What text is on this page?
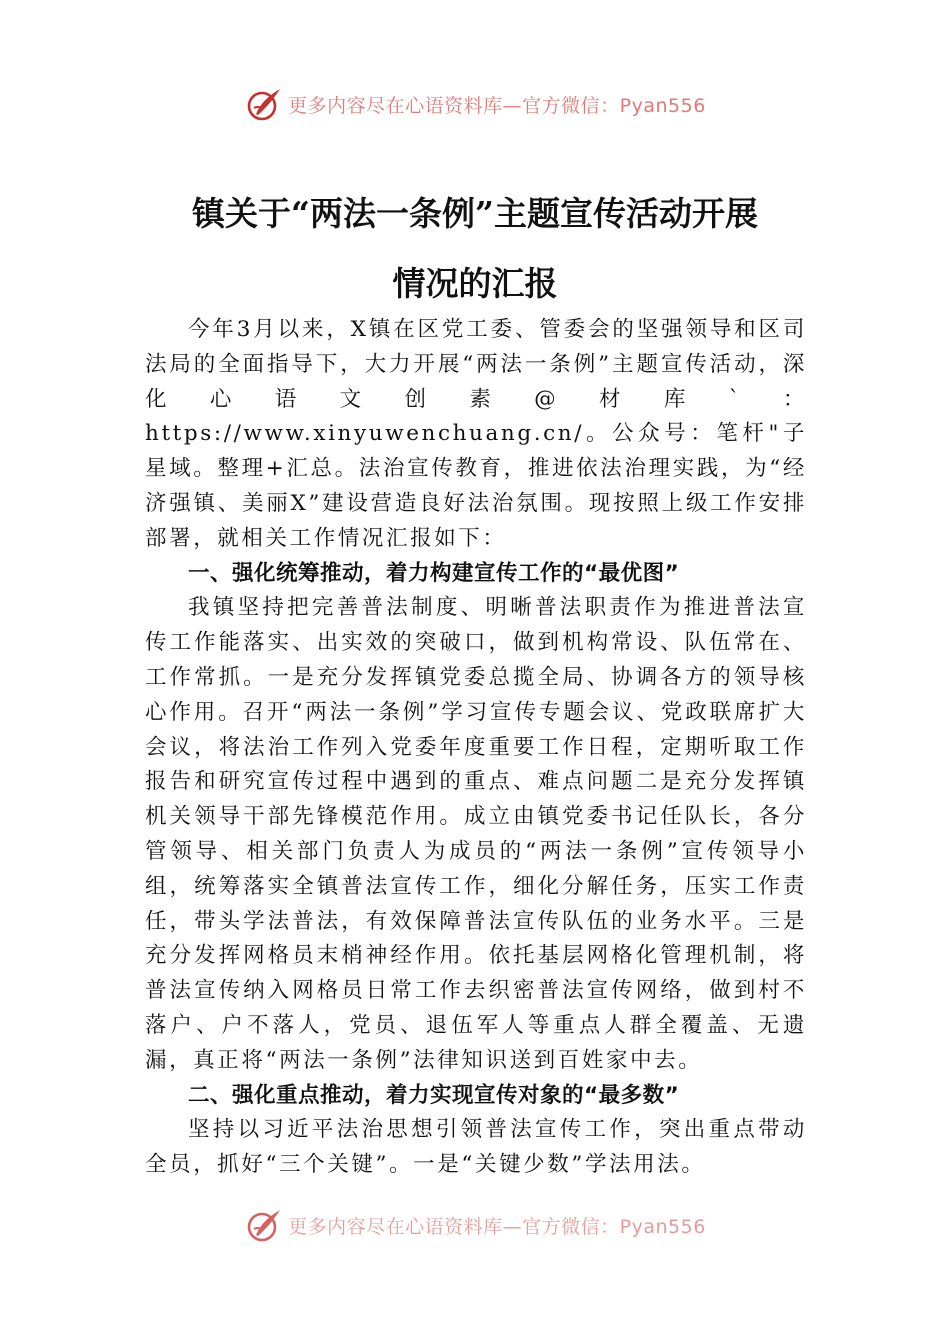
更多内容尽在心语资料库—官方微信：Pyan556
镇关于“两法一条例”主题宣传活动开展
情况的汇报

今年3月以来，X镇在区党工委、管委会的坚强领导和区司法局的全面指导下，大力开展“两法一条例”主题宣传活动，深化心语文创素@材库`：https://www.xinyuwenchuang.cn/。公众号：笔杆"子星域。整理+汇总。法治宣传教育，推进依法治理实践，为“经济强镇、美丽X”建设营造良好法治氛围。现按照上级工作安排部署，就相关工作情况汇报如下：

一、强化统筹推动，着力构建宣传工作的“最优图”

我镇坚持把完善普法制度、明晰普法职责作为推进普法宣传工作能落实、出实效的突破口，做到机构常设、队伍常在、工作常抓。一是充分发挥镇党委总揽全局、协调各方的领导核心作用。召开“两法一条例”学习宣传专题会议、党政联席扩大会议，将法治工作列入党委年度重要工作日程，定期听取工作报告和研究宣传过程中遇到的重点、难点问题二是充分发挥镇机关领导干部先锋模范作用。成立由镇党委书记任队长，各分管领导、相关部门负责人为成员的“两法一条例”宣传领导小组，统筹落实全镇普法宣传工作，细化分解任务，压实工作责任，带头学法普法，有效保障普法宣传队伍的业务水平。三是充分发挥网格员末梢神经作用。依托基层网格化管理机制，将普法宣传纳入网格员日常工作去织密普法宣传网络，做到村不落户、户不落人，党员、退伍军人等重点人群全覆盖、无遗漏，真正将“两法一条例”法律知识送到百姓家中去。

二、强化重点推动，着力实现宣传对象的“最多数”

坚持以习近平法治思想引领普法宣传工作，突出重点带动全员，抓好“三个关键”。一是“关键少数”学法用法。

更多内容尽在心语资料库—官方微信：Pyan556
